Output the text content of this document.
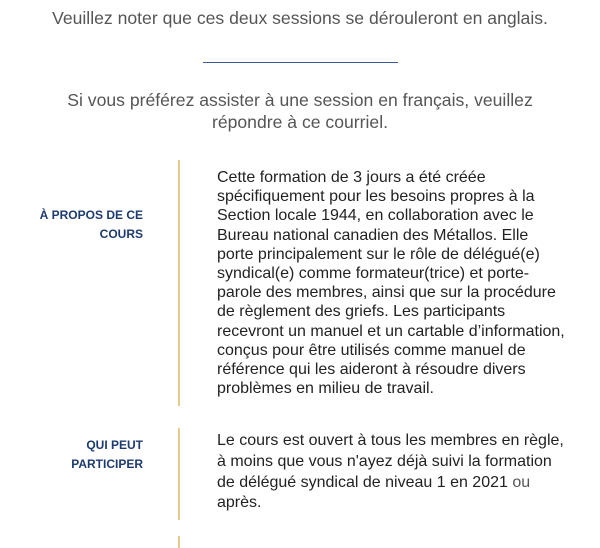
Veuillez noter que ces deux sessions se dérouleront en anglais.

Si vous préférez assister à une session en français, veuillez répondre à ce courriel.

À PROPOS DE CE COURS

Cette formation de 3 jours a été créée spécifiquement pour les besoins propres à la Section locale 1944, en collaboration avec le Bureau national canadien des Métallos. Elle porte principalement sur le rôle de délégué(e) syndical(e) comme formateur(trice) et porte-parole des membres, ainsi que sur la procédure de règlement des griefs. Les participants recevront un manuel et un cartable d’information, conçus pour être utilisés comme manuel de référence qui les aideront à résoudre divers problèmes en milieu de travail.

QUI PEUT PARTICIPER

Le cours est ouvert à tous les membres en règle, à moins que vous n'ayez déjà suivi la formation de délégué syndical de niveau 1 en 2021 ou après.
